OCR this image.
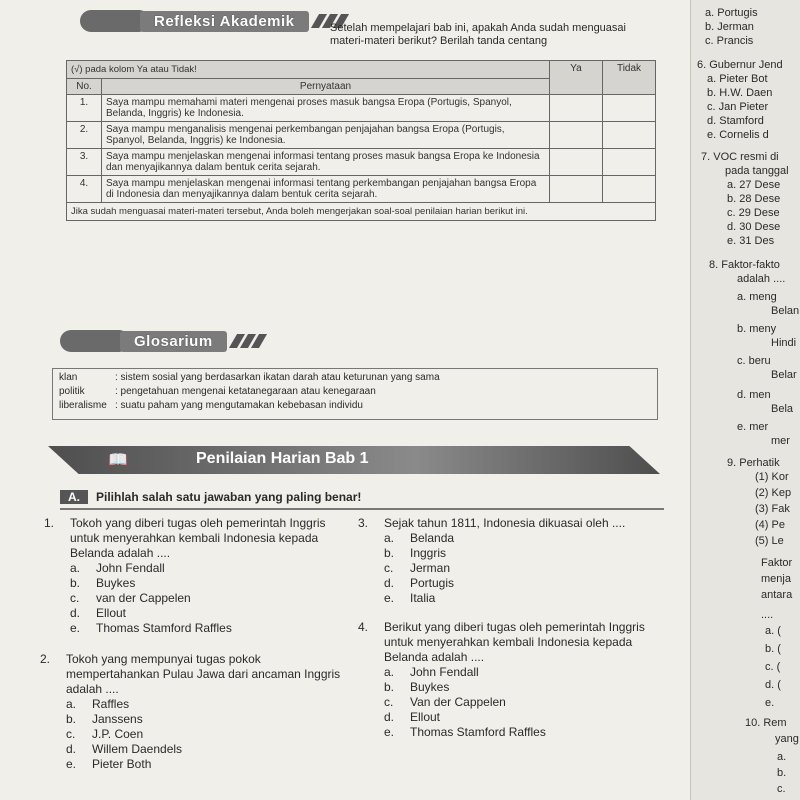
Refleksi Akademik	Setelah mempelajari bab ini, apakah Anda sudah menguasai materi-materi berikut? Berilah tanda centang
(√) pada kolom Ya atau Tidak!		Ya	Tidak
No.	Pernyataan		
1.	Saya mampu memahami materi mengenai proses masuk bangsa Eropa (Portugis, Spanyol, Belanda, Inggris) ke Indonesia.		
2.	Saya mampu menganalisis mengenai perkembangan penjajahan bangsa Eropa (Portugis, Spanyol, Belanda, Inggris) ke Indonesia.		
3.	Saya mampu menjelaskan mengenai informasi tentang proses masuk bangsa Eropa ke Indonesia dan menyajikannya dalam bentuk cerita sejarah.		
4.	Saya mampu menjelaskan mengenai informasi tentang perkembangan penjajahan bangsa Eropa di Indonesia dan menyajikannya dalam bentuk cerita sejarah.		
Jika sudah menguasai materi-materi tersebut, Anda boleh mengerjakan soal-soal penilaian harian berikut ini.			
Glosarium
klan	: sistem sosial yang berdasarkan ikatan darah atau keturunan yang sama
politik	: pengetahuan mengenai ketatanegaraan atau kenegaraan
liberalisme : suatu paham yang mengutamakan kebebasan individu
Penilaian Harian Bab 1
📖
A. Pilihlah salah satu jawaban yang paling benar!
1.	Tokoh yang diberi tugas oleh pemerintah Inggris untuk menyerahkan kembali Indonesia kepada Belanda adalah ....
a.	John Fendall
b.	Buykes
c.	van der Cappelen
d.	Ellout
e.	Thomas Stamford Raffles
2.	Tokoh yang mempunyai tugas pokok mempertahankan Pulau Jawa dari ancaman Inggris adalah ....
a.	Raffles
b.	Janssens
c.	J.P. Coen
d.	Willem Daendels
e.	Pieter Both
3.	Sejak tahun 1811, Indonesia dikuasai oleh ....
a.	Belanda
b.	Inggris
c.	Jerman
d.	Portugis
e.	Italia
4.	Berikut yang diberi tugas oleh pemerintah Inggris untuk menyerahkan kembali Indonesia kepada Belanda adalah ....
a.	John Fendall
b.	Buykes
c.	Van der Cappelen
d.	Ellout
e.	Thomas Stamford Raffles
a. Portugis
b. Jerman
c. Prancis
6. Gubernur Jend
a. Pieter Bot
b. H.W. Daen
c. Jan Pieter
d. Stamford
e. Cornelis d
7. VOC resmi di
pada tanggal
a. 27 Dese
b. 28 Dese
c. 29 Dese
d. 30 Dese
e. 31 Des
8. Faktor-fakto
adalah ....
a. meng
Belan
b. meny
Hindi
c. beru
Belar
d. men
Bela
e. mer
mer
9. Perhatik
(1) Kor
(2) Kep
(3) Fak
(4) Pe
(5) Le
Faktor
menja
antara
....
a. (
b. (
c. (
d. (
e.
10. Rem
yang
a.
b.
c.
